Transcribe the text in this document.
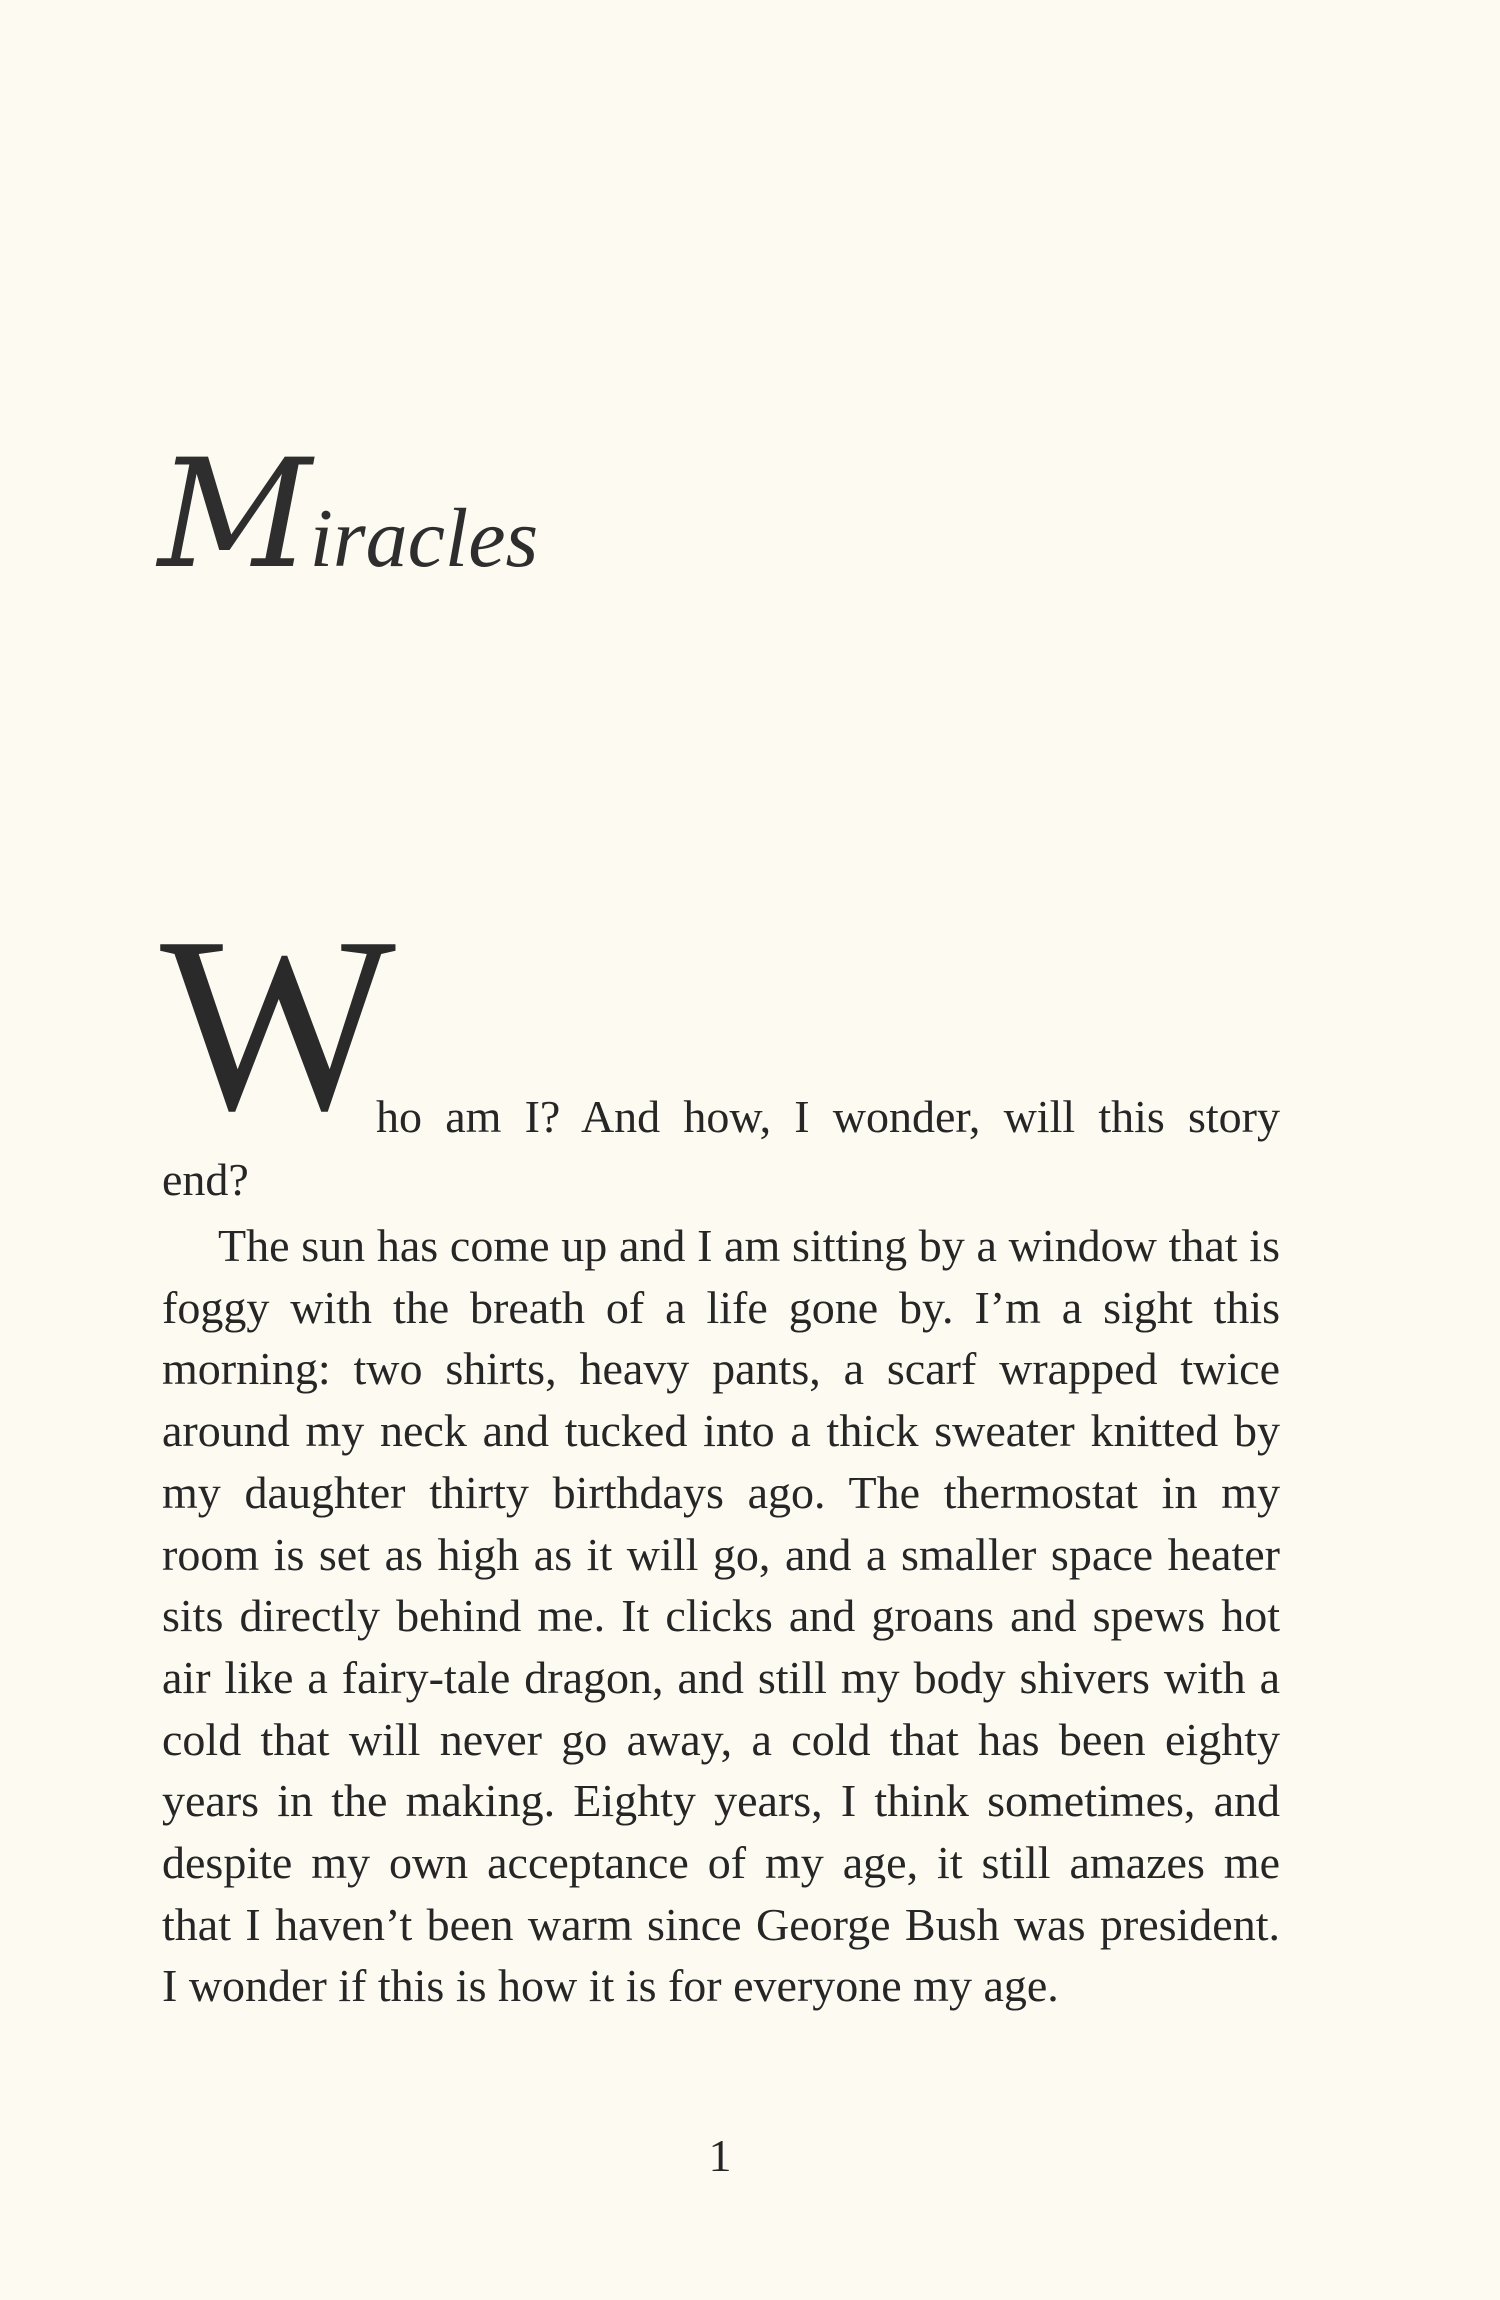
Miracles
W
ho am I? And how, I wonder, will this story
end?

The sun has come up and I am sitting by a window that is foggy with the breath of a life gone by. I’m a sight this morning: two shirts, heavy pants, a scarf wrapped twice around my neck and tucked into a thick sweater knitted by my daughter thirty birthdays ago. The thermostat in my room is set as high as it will go, and a smaller space heater sits directly behind me. It clicks and groans and spews hot air like a fairy-tale dragon, and still my body shivers with a cold that will never go away, a cold that has been eighty years in the making. Eighty years, I think sometimes, and despite my own acceptance of my age, it still amazes me that I haven’t been warm since George Bush was president. I wonder if this is how it is for everyone my age.

1
